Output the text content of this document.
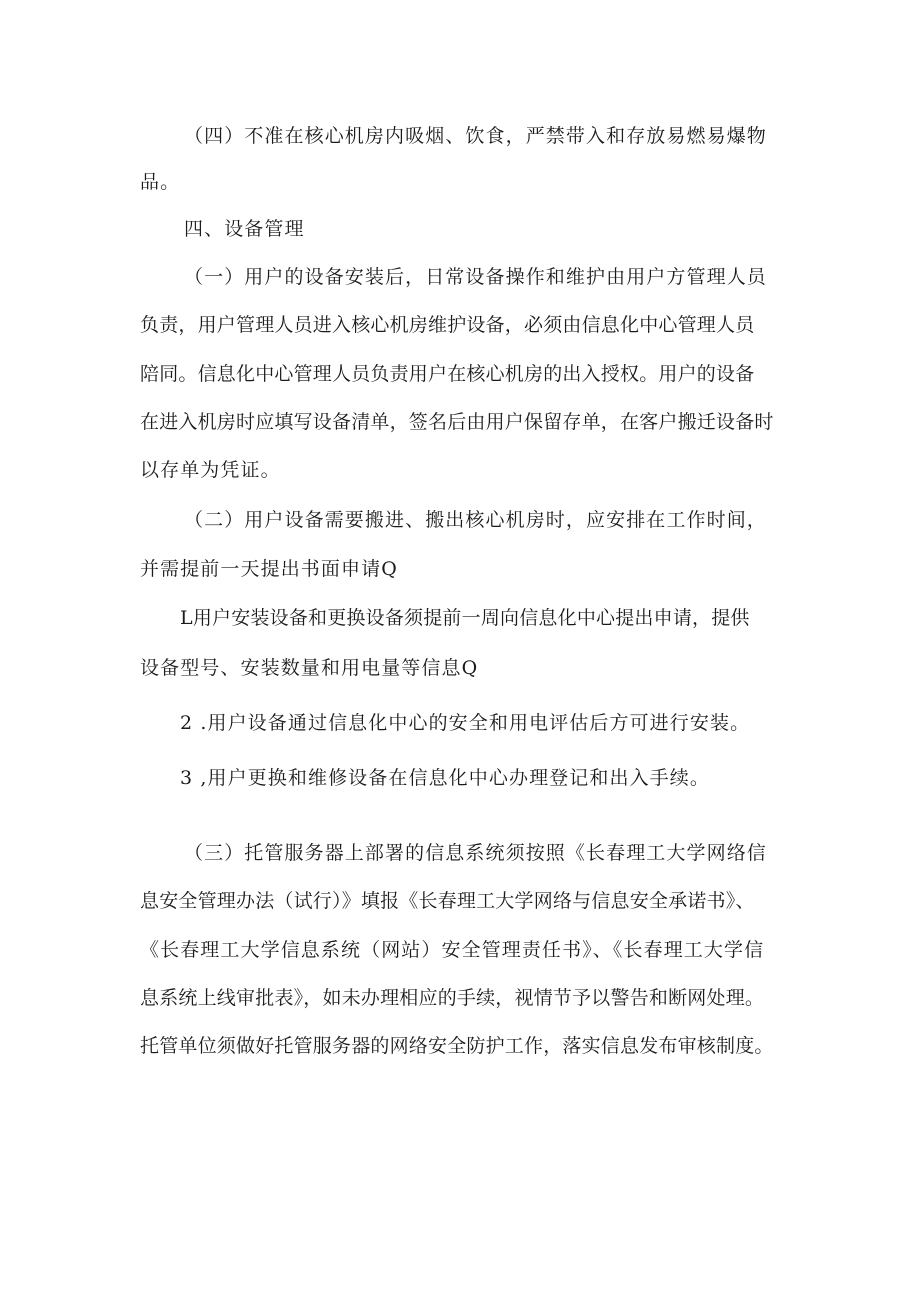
（四）不准在核心机房内吸烟、饮食，严禁带入和存放易燃易爆物
品。
四、设备管理
（一）用户的设备安装后，日常设备操作和维护由用户方管理人员
负责，用户管理人员进入核心机房维护设备，必须由信息化中心管理人员
陪同。信息化中心管理人员负责用户在核心机房的出入授权。用户的设备
在进入机房时应填写设备清单，签名后由用户保留存单，在客户搬迁设备时
以存单为凭证。
（二）用户设备需要搬进、搬出核心机房时，应安排在工作时间，
并需提前一天提出书面申请Q
L用户安装设备和更换设备须提前一周向信息化中心提出申请，提供
设备型号、安装数量和用电量等信息Q
2 .用户设备通过信息化中心的安全和用电评估后方可进行安装。
3 ,用户更换和维修设备在信息化中心办理登记和出入手续。
（三）托管服务器上部署的信息系统须按照《长春理工大学网络信
息安全管理办法（试行）》填报《长春理工大学网络与信息安全承诺书》、
《长春理工大学信息系统（网站）安全管理责任书》、《长春理工大学信
息系统上线审批表》，如未办理相应的手续，视情节予以警告和断网处理。
托管单位须做好托管服务器的网络安全防护工作，落实信息发布审核制度。
